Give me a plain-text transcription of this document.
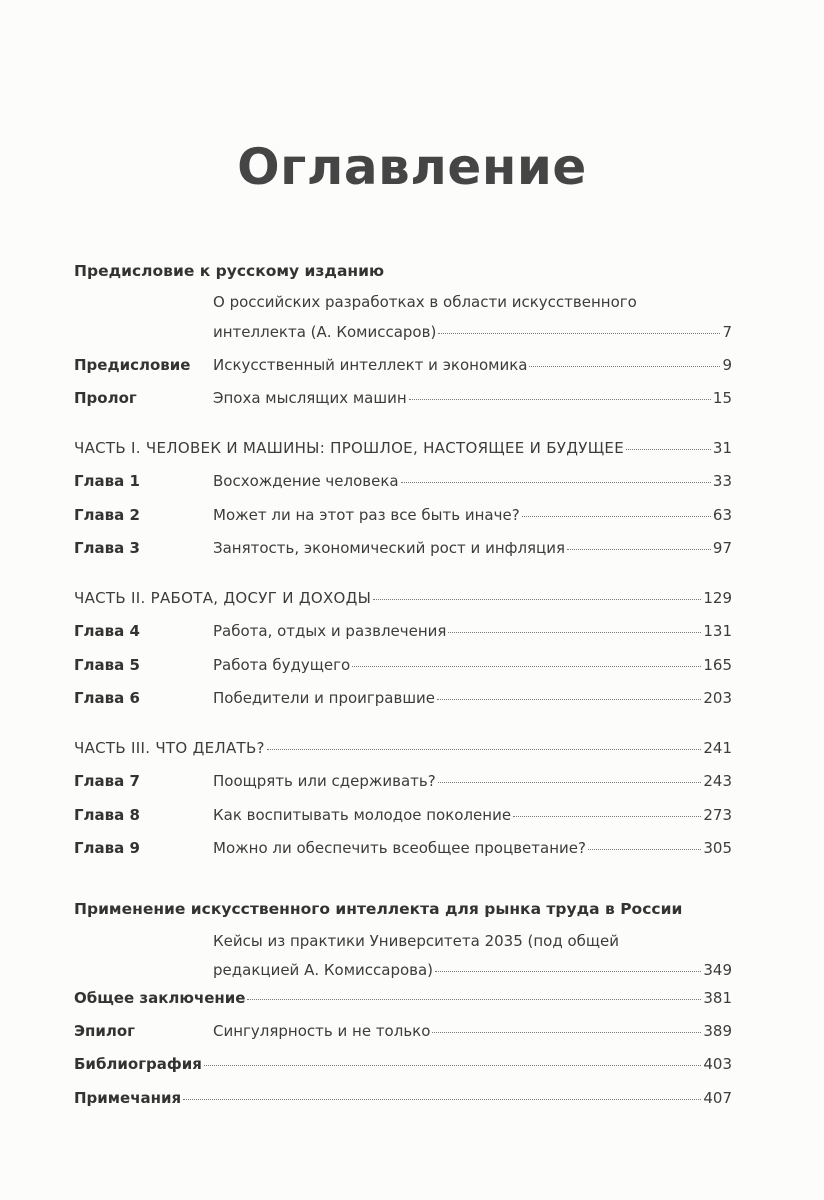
Оглавление
Предисловие к русскому изданию
О российских разработках в области искусственного
интеллекта (А. Комиссаров)	7
Предисловие	Искусственный интеллект и экономика	9
Пролог	Эпоха мыслящих машин	15
ЧАСТЬ I. ЧЕЛОВЕК И МАШИНЫ: ПРОШЛОЕ, НАСТОЯЩЕЕ И БУДУЩЕЕ	31
Глава 1	Восхождение человека	33
Глава 2	Может ли на этот раз все быть иначе?	63
Глава 3	Занятость, экономический рост и инфляция	97
ЧАСТЬ II. РАБОТА, ДОСУГ И ДОХОДЫ	129
Глава 4	Работа, отдых и развлечения	131
Глава 5	Работа будущего	165
Глава 6	Победители и проигравшие	203
ЧАСТЬ III. ЧТО ДЕЛАТЬ?	241
Глава 7	Поощрять или сдерживать?	243
Глава 8	Как воспитывать молодое поколение	273
Глава 9	Можно ли обеспечить всеобщее процветание?	305
Применение искусственного интеллекта для рынка труда в России
Кейсы из практики Университета 2035 (под общей
редакцией А. Комиссарова)	349
Общее заключение	381
Эпилог	Сингулярность и не только	389
Библиография	403
Примечания	407
